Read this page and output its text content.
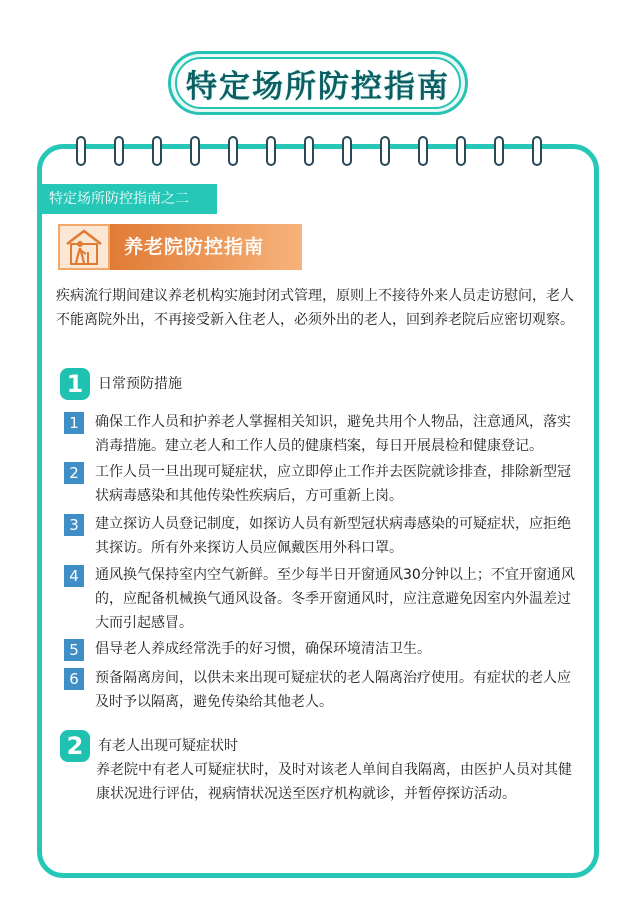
特定场所防控指南
特定场所防控指南之二
养老院防控指南
疾病流行期间建议养老机构实施封闭式管理，原则上不接待外来人员走访慰问，老人不能离院外出，不再接受新入住老人，必须外出的老人，回到养老院后应密切观察。
1	日常预防措施
1	确保工作人员和护养老人掌握相关知识，避免共用个人物品，注意通风，落实消毒措施。建立老人和工作人员的健康档案，每日开展晨检和健康登记。
2	工作人员一旦出现可疑症状，应立即停止工作并去医院就诊排查，排除新型冠状病毒感染和其他传染性疾病后，方可重新上岗。
3	建立探访人员登记制度，如探访人员有新型冠状病毒感染的可疑症状，应拒绝其探访。所有外来探访人员应佩戴医用外科口罩。
4	通风换气保持室内空气新鲜。至少每半日开窗通风30分钟以上；不宜开窗通风的，应配备机械换气通风设备。冬季开窗通风时，应注意避免因室内外温差过大而引起感冒。
5	倡导老人养成经常洗手的好习惯，确保环境清洁卫生。
6	预备隔离房间，以供未来出现可疑症状的老人隔离治疗使用。有症状的老人应及时予以隔离，避免传染给其他老人。
2	有老人出现可疑症状时
养老院中有老人可疑症状时，及时对该老人单间自我隔离，由医护人员对其健康状况进行评估，视病情状况送至医疗机构就诊，并暂停探访活动。
